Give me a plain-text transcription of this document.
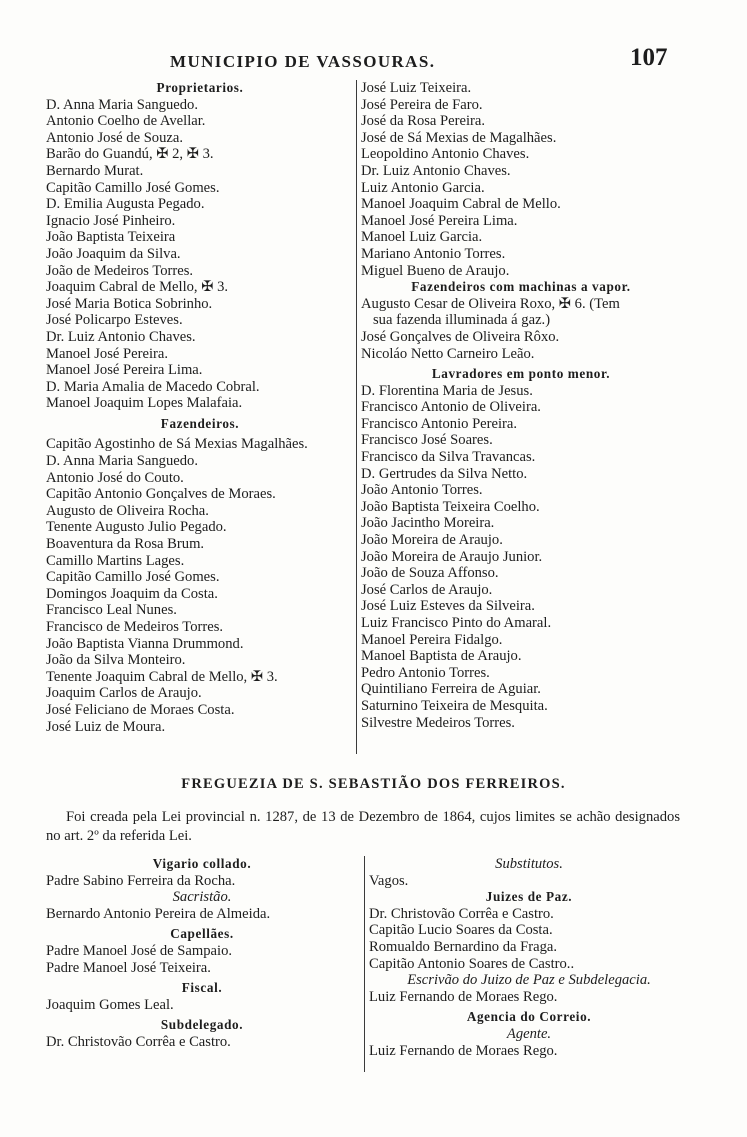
MUNICIPIO DE VASSOURAS.	107
Proprietarios.
D. Anna Maria Sanguedo.
Antonio Coelho de Avellar.
Antonio José de Souza.
Barão do Guandú, ✠ 2, ✠ 3.
Bernardo Murat.
Capitão Camillo José Gomes.
D. Emilia Augusta Pegado.
Ignacio José Pinheiro.
João Baptista Teixeira
João Joaquim da Silva.
João de Medeiros Torres.
Joaquim Cabral de Mello, ✠ 3.
José Maria Botica Sobrinho.
José Policarpo Esteves.
Dr. Luiz Antonio Chaves.
Manoel José Pereira.
Manoel José Pereira Lima.
D. Maria Amalia de Macedo Cobral.
Manoel Joaquim Lopes Malafaia.
Fazendeiros.
Capitão Agostinho de Sá Mexias Magalhães.
D. Anna Maria Sanguedo.
Antonio José do Couto.
Capitão Antonio Gonçalves de Moraes.
Augusto de Oliveira Rocha.
Tenente Augusto Julio Pegado.
Boaventura da Rosa Brum.
Camillo Martins Lages.
Capitão Camillo José Gomes.
Domingos Joaquim da Costa.
Francisco Leal Nunes.
Francisco de Medeiros Torres.
João Baptista Vianna Drummond.
João da Silva Monteiro.
Tenente Joaquim Cabral de Mello, ✠ 3.
Joaquim Carlos de Araujo.
José Feliciano de Moraes Costa.
José Luiz de Moura.
José Luiz Teixeira.
José Pereira de Faro.
José da Rosa Pereira.
José de Sá Mexias de Magalhães.
Leopoldino Antonio Chaves.
Dr. Luiz Antonio Chaves.
Luiz Antonio Garcia.
Manoel Joaquim Cabral de Mello.
Manoel José Pereira Lima.
Manoel Luiz Garcia.
Mariano Antonio Torres.
Miguel Bueno de Araujo.
Fazendeiros com machinas a vapor.
Augusto Cesar de Oliveira Roxo, ✠ 6. (Tem
sua fazenda illuminada á gaz.)
José Gonçalves de Oliveira Rôxo.
Nicoláo Netto Carneiro Leão.
Lavradores em ponto menor.
D. Florentina Maria de Jesus.
Francisco Antonio de Oliveira.
Francisco Antonio Pereira.
Francisco José Soares.
Francisco da Silva Travancas.
D. Gertrudes da Silva Netto.
João Antonio Torres.
João Baptista Teixeira Coelho.
João Jacintho Moreira.
João Moreira de Araujo.
João Moreira de Araujo Junior.
João de Souza Affonso.
José Carlos de Araujo.
José Luiz Esteves da Silveira.
Luiz Francisco Pinto do Amaral.
Manoel Pereira Fidalgo.
Manoel Baptista de Araujo.
Pedro Antonio Torres.
Quintiliano Ferreira de Aguiar.
Saturnino Teixeira de Mesquita.
Silvestre Medeiros Torres.
FREGUEZIA DE S. SEBASTIÃO DOS FERREIROS.
Foi creada pela Lei provincial n. 1287, de 13 de Dezembro de 1864, cujos limites se achão designados no art. 2º da referida Lei.
Vigario collado.
Padre Sabino Ferreira da Rocha.
Sacristão.
Bernardo Antonio Pereira de Almeida.
Capellães.
Padre Manoel José de Sampaio.
Padre Manoel José Teixeira.
Fiscal.
Joaquim Gomes Leal.
Subdelegado.
Dr. Christovão Corrêa e Castro.
Substitutos.
Vagos.
Juizes de Paz.
Dr. Christovão Corrêa e Castro.
Capitão Lucio Soares da Costa.
Romualdo Bernardino da Fraga.
Capitão Antonio Soares de Castro..
Escrivão do Juizo de Paz e Subdelegacia.
Luiz Fernando de Moraes Rego.
Agencia do Correio.
Agente.
Luiz Fernando de Moraes Rego.
